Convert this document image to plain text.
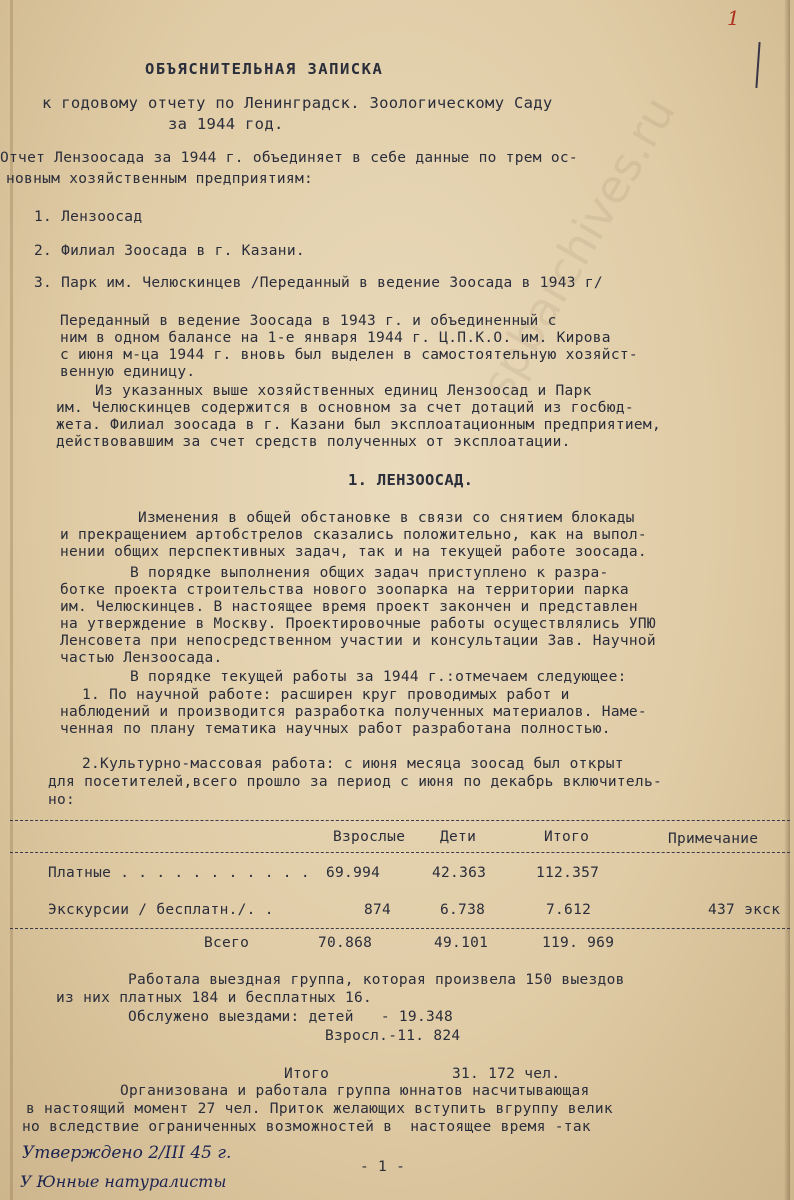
spbarchives.ru
1
ОБЪЯСНИТЕЛЬНАЯ ЗАПИСКА
к годовому отчету по Ленинградск. Зоологическому Саду
за 1944 год.
Отчет Лензоосада за 1944 г. объединяет в себе данные по трем ос-
новным хозяйственным предприятиям:
1. Лензоосад
2. Филиал Зоосада в г. Казани.
3. Парк им. Челюскинцев /Переданный в ведение Зоосада в 1943 г/
Переданный в ведение Зоосада в 1943 г. и объединенный с
ним в одном балансе на 1-е января 1944 г. Ц.П.К.О. им. Кирова
с июня м-ца 1944 г. вновь был выделен в самостоятельную хозяйст-
венную единицу.
Из указанных выше хозяйственных единиц Лензоосад и Парк
им. Челюскинцев содержится в основном за счет дотаций из госбюд-
жета. Филиал зоосада в г. Казани был эксплоатационным предприятием,
действовавшим за счет средств полученных от эксплоатации.
1. ЛЕНЗООСАД.
Изменения в общей обстановке в связи со снятием блокады
и прекращением артобстрелов сказались положительно, как на выпол-
нении общих перспективных задач, так и на текущей работе зоосада.
В порядке выполнения общих задач приступлено к разра-
ботке проекта строительства нового зоопарка на территории парка
им. Челюскинцев. В настоящее время проект закончен и представлен
на утверждение в Москву. Проектировочные работы осуществлялись УПЮ
Ленсовета при непосредственном участии и консультации Зав. Научной
частью Лензоосада.
В порядке текущей работы за 1944 г.:отмечаем следующее:
1. По научной работе: расширен круг проводимых работ и
наблюдений и производится разработка полученных материалов. Наме-
ченная по плану тематика научных работ разработана полностью.
2.Культурно-массовая работа: с июня месяца зоосад был открыт
для посетителей,всего прошло за период с июня по декабрь включитель-
но:
Взрослые Дети	Итого	Примечание
Платные . . . . . . . . . . . 69.994	42.363	112.357
Экскурсии / бесплатн./. .	874	6.738	7.612	437 экск
Всего	70.868	49.101	119. 969
Работала выездная группа, которая произвела 150 выездов
из них платных 184 и бесплатных 16.
Обслужено выездами: детей   - 19.348
Взросл.-11. 824
Итого	31. 172 чел.
Организована и работала группа юннатов насчитывающая
в настоящий момент 27 чел. Приток желающих вступить вгруппу велик
но вследствие ограниченных возможностей в  настоящее время -так
- 1 -
Утверждено 2/III 45 г.
У Юнные натуралисты
